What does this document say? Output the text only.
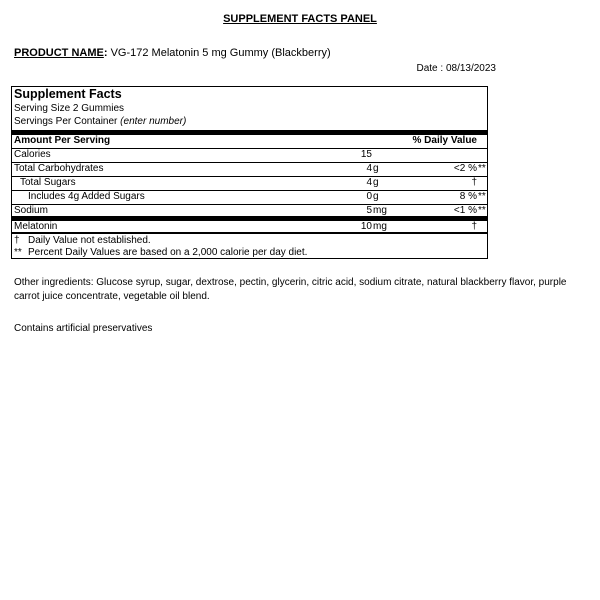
SUPPLEMENT FACTS PANEL
PRODUCT NAME: VG-172 Melatonin 5 mg Gummy (Blackberry)
Date : 08/13/2023
Supplement Facts
Serving Size 2 Gummies
Servings Per Container (enter number)
Amount Per Serving	% Daily Value
Calories	15
Total Carbohydrates	4 g	<2 % **
Total Sugars	4 g	†
Includes 4g Added Sugars	0 g	8 % **
Sodium	5 mg	<1 % **
Melatonin	10 mg	†
† Daily Value not established.
** Percent Daily Values are based on a 2,000 calorie per day diet.
Other ingredients: Glucose syrup, sugar, dextrose, pectin, glycerin, citric acid, sodium citrate, natural blackberry flavor, purple carrot juice concentrate, vegetable oil blend.
Contains artificial preservatives
